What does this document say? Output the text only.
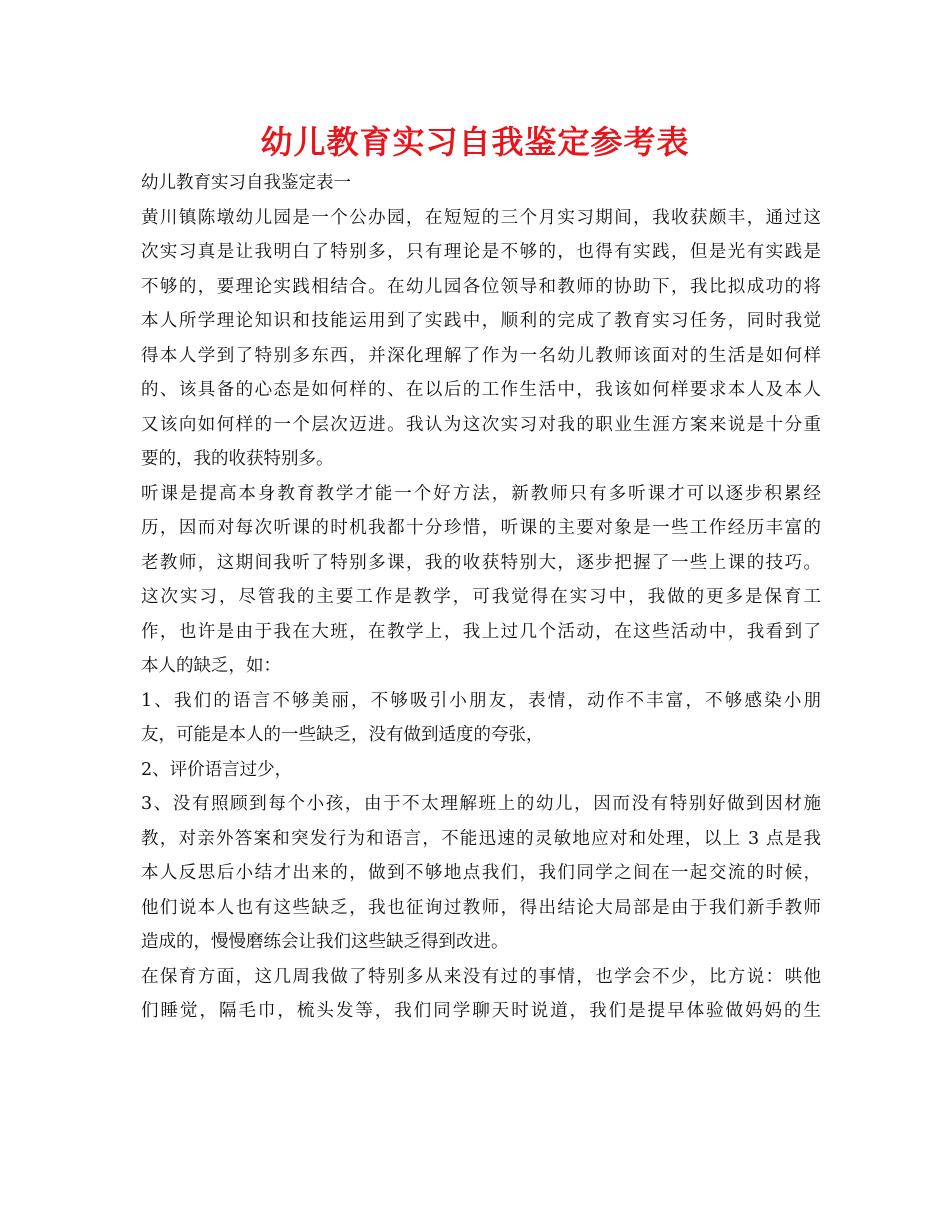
幼儿教育实习自我鉴定参考表
幼儿教育实习自我鉴定表一
黄川镇陈墩幼儿园是一个公办园，在短短的三个月实习期间，我收获颇丰，通过这
次实习真是让我明白了特别多，只有理论是不够的，也得有实践，但是光有实践是
不够的，要理论实践相结合。在幼儿园各位领导和教师的协助下，我比拟成功的将
本人所学理论知识和技能运用到了实践中，顺利的完成了教育实习任务，同时我觉
得本人学到了特别多东西，并深化理解了作为一名幼儿教师该面对的生活是如何样
的、该具备的心态是如何样的、在以后的工作生活中，我该如何样要求本人及本人
又该向如何样的一个层次迈进。我认为这次实习对我的职业生涯方案来说是十分重
要的，我的收获特别多。
听课是提高本身教育教学才能一个好方法，新教师只有多听课才可以逐步积累经
历，因而对每次听课的时机我都十分珍惜，听课的主要对象是一些工作经历丰富的
老教师，这期间我听了特别多课，我的收获特别大，逐步把握了一些上课的技巧。
这次实习，尽管我的主要工作是教学，可我觉得在实习中，我做的更多是保育工
作，也许是由于我在大班，在教学上，我上过几个活动，在这些活动中，我看到了
本人的缺乏，如：
1、我们的语言不够美丽，不够吸引小朋友，表情，动作不丰富，不够感染小朋
友，可能是本人的一些缺乏，没有做到适度的夸张，
2、评价语言过少，
3、没有照顾到每个小孩，由于不太理解班上的幼儿，因而没有特别好做到因材施
教，对亲外答案和突发行为和语言，不能迅速的灵敏地应对和处理，以上 3 点是我
本人反思后小结才出来的，做到不够地点我们，我们同学之间在一起交流的时候，
他们说本人也有这些缺乏，我也征询过教师，得出结论大局部是由于我们新手教师
造成的，慢慢磨练会让我们这些缺乏得到改进。
在保育方面，这几周我做了特别多从来没有过的事情，也学会不少，比方说：哄他
们睡觉，隔毛巾，梳头发等，我们同学聊天时说道，我们是提早体验做妈妈的生
